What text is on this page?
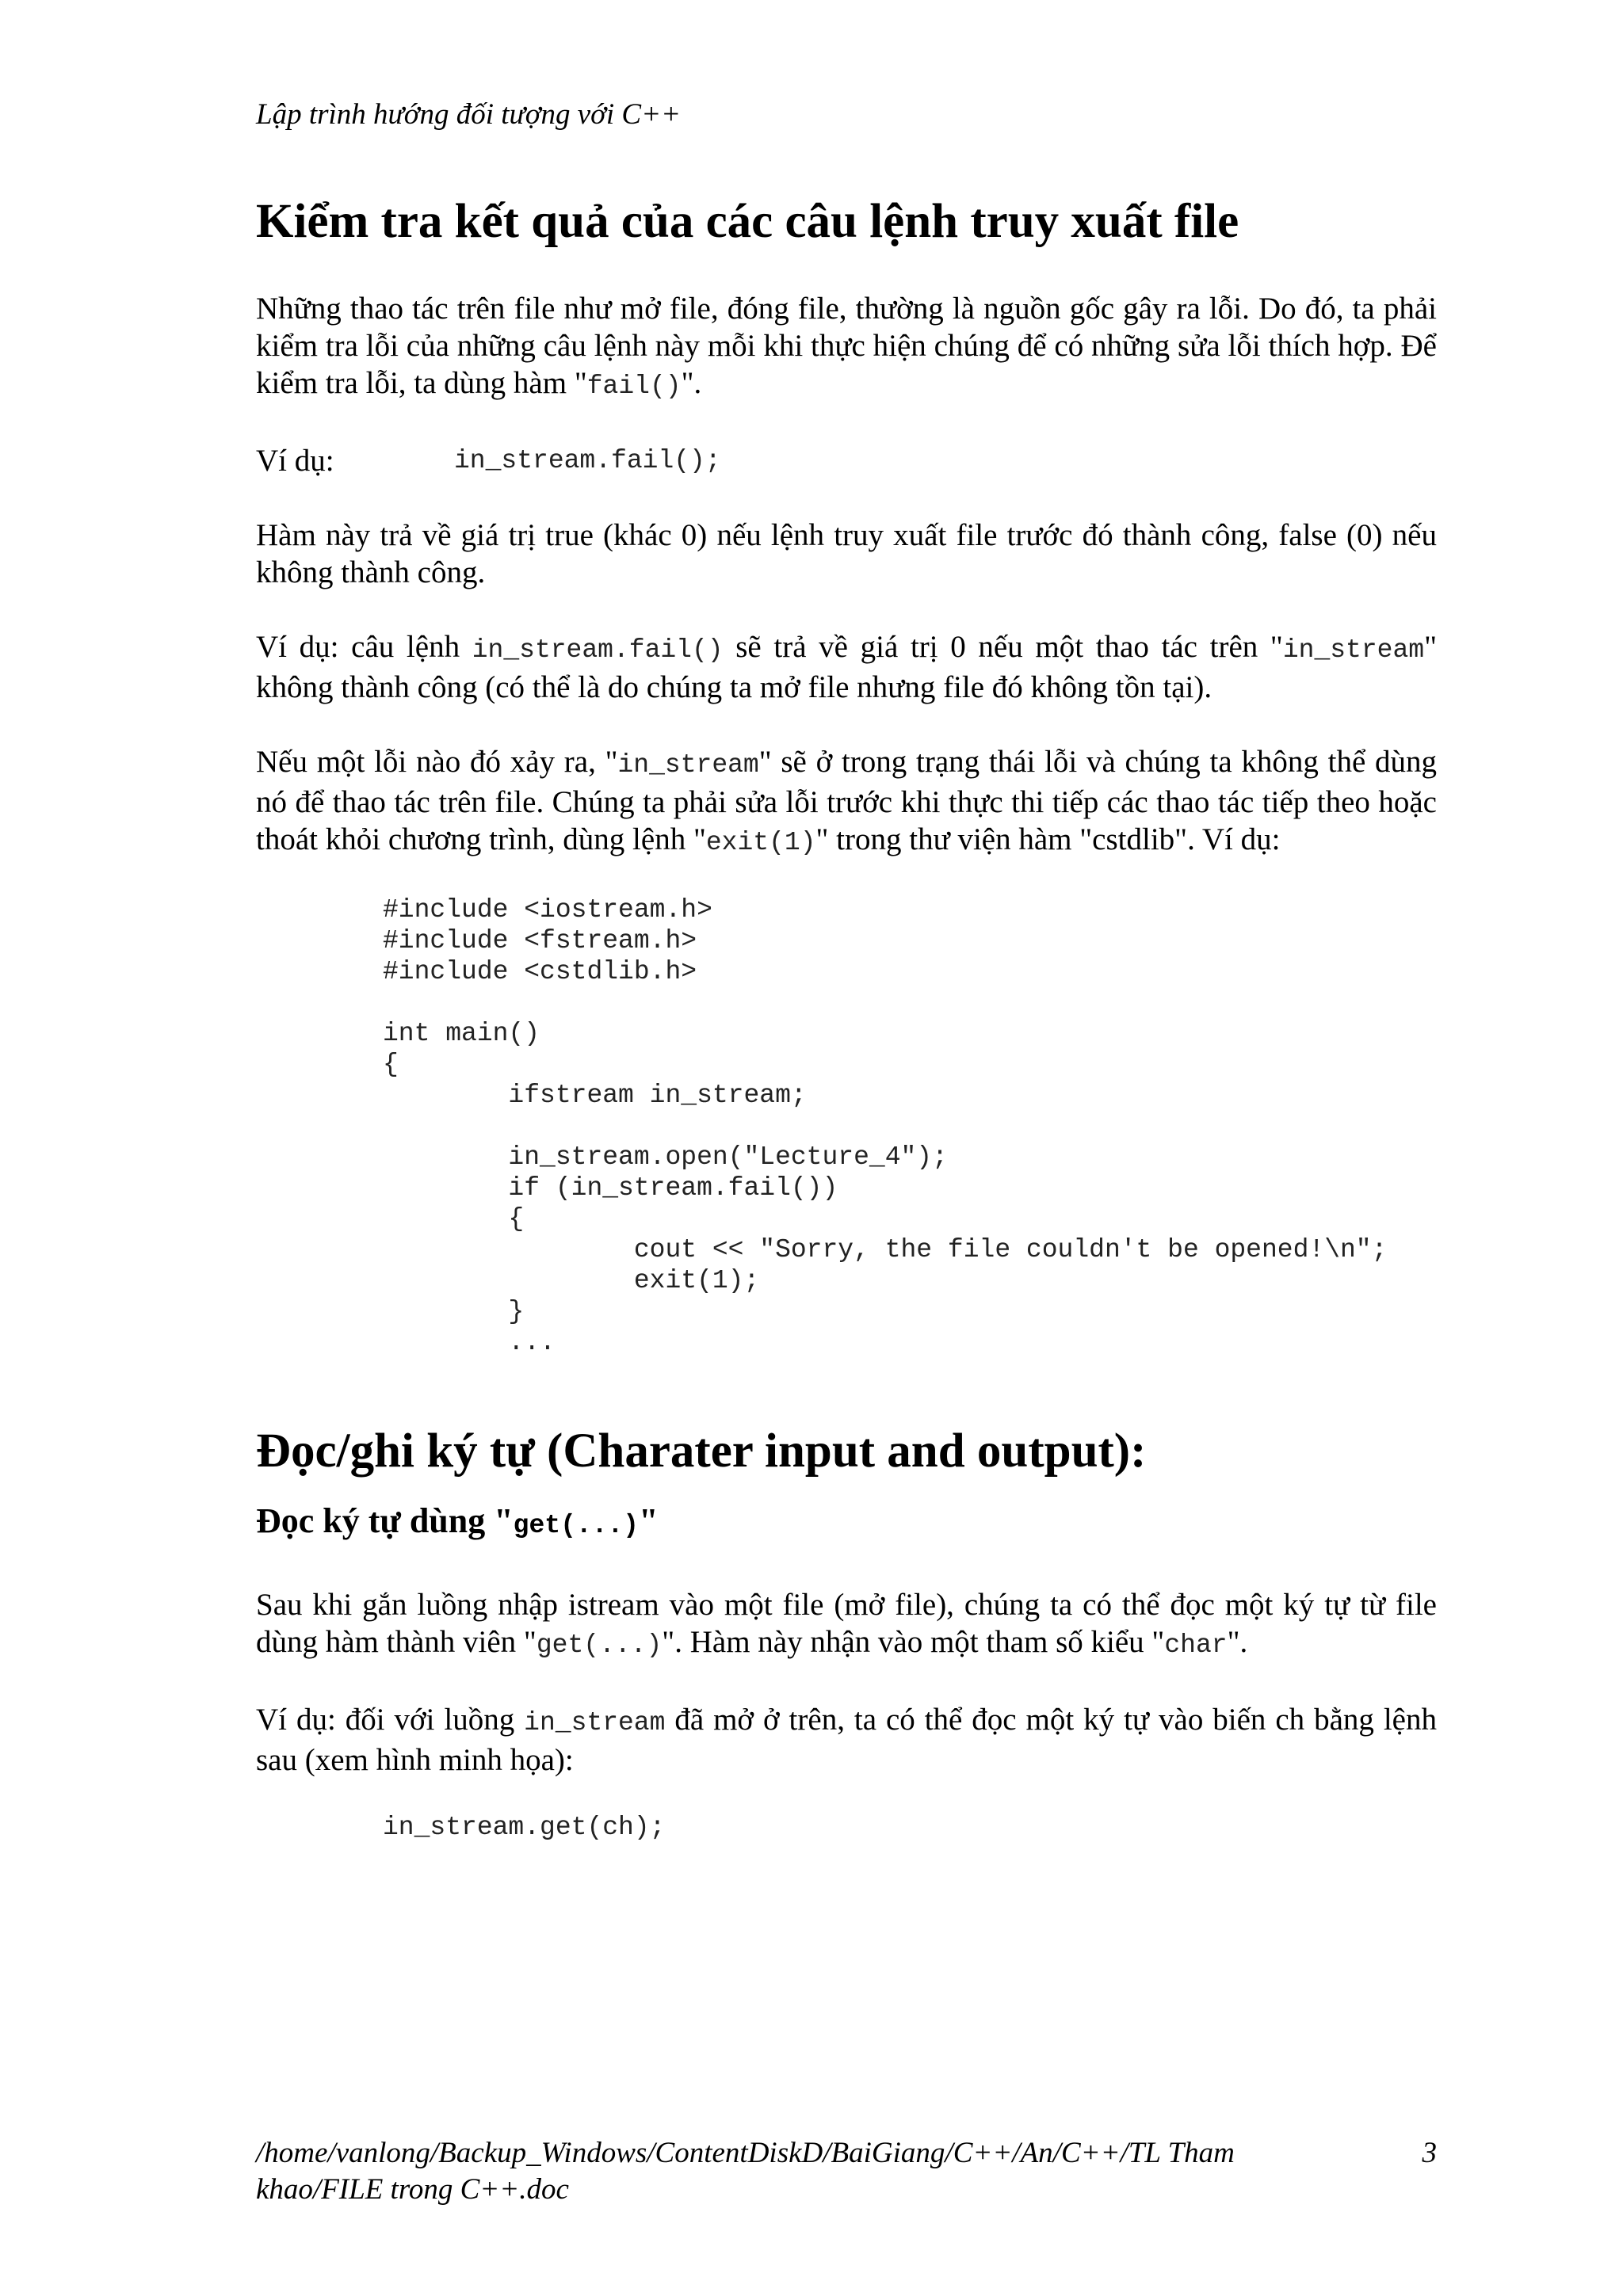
Lập trình hướng đối tượng với C++
Kiểm tra kết quả của các câu lệnh truy xuất file

Những thao tác trên file như mở file, đóng file, thường là nguồn gốc gây ra lỗi. Do đó, ta phải kiểm tra lỗi của những câu lệnh này mỗi khi thực hiện chúng để có những sửa lỗi thích hợp. Để kiểm tra lỗi, ta dùng hàm "fail()".

Ví dụ:	in_stream.fail();

Hàm này trả về giá trị true (khác 0) nếu lệnh truy xuất file trước đó thành công, false (0) nếu không thành công.

Ví dụ: câu lệnh in_stream.fail() sẽ trả về giá trị 0 nếu một thao tác trên "in_stream" không thành công (có thể là do chúng ta mở file nhưng file đó không tồn tại).

Nếu một lỗi nào đó xảy ra, "in_stream" sẽ ở trong trạng thái lỗi và chúng ta không thể dùng nó để thao tác trên file. Chúng ta phải sửa lỗi trước khi thực thi tiếp các thao tác tiếp theo hoặc thoát khỏi chương trình, dùng lệnh "exit(1)" trong thư viện hàm "cstdlib". Ví dụ:

#include <iostream.h>
#include <fstream.h>
#include <cstdlib.h>

int main()
{
ifstream in_stream;

in_stream.open("Lecture_4");
if (in_stream.fail())
{
cout << "Sorry, the file couldn't be opened!\n";
exit(1);
}
...
Đọc/ghi ký tự (Charater input and output):
Đọc ký tự dùng "get(...)"

Sau khi gắn luồng nhập istream vào một file (mở file), chúng ta có thể đọc một ký tự từ file dùng hàm thành viên "get(...)". Hàm này nhận vào một tham số kiểu "char".

Ví dụ: đối với luồng in_stream đã mở ở trên, ta có thể đọc một ký tự vào biến ch bằng lệnh sau (xem hình minh họa):

in_stream.get(ch);
/home/vanlong/Backup_Windows/ContentDiskD/BaiGiang/C++/An/C++/TL Tham khao/FILE trong C++.doc
3
